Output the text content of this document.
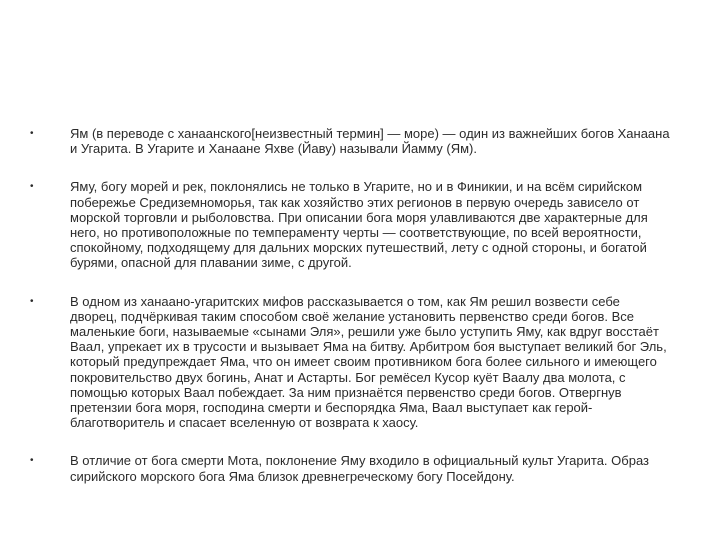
•	Ям (в переводе с ханаанского[неизвестный термин] — море) — один из важнейших богов Ханаана и Угарита. В Угарите и Ханаане Яхве (Йаву) называли Йамму (Ям).
•	Яму, богу морей и рек, поклонялись не только в Угарите, но и в Финикии, и на всём сирийском побережье Средиземноморья, так как хозяйство этих регионов в первую очередь зависело от морской торговли и рыболовства. При описании бога моря улавливаются две характерные для него, но противоположные по темпераменту черты — соответствующие, по всей вероятности, спокойному, подходящему для дальних морских путешествий, лету с одной стороны, и богатой бурями, опасной для плавании зиме, с другой.
•	В одном из ханаано-угаритских мифов рассказывается о том, как Ям решил возвести себе дворец, подчёркивая таким способом своё желание установить первенство среди богов. Все маленькие боги, называемые «сынами Эля», решили уже было уступить Яму, как вдруг восстаёт Ваал, упрекает их в трусости и вызывает Яма на битву. Арбитром боя выступает великий бог Эль, который предупреждает Яма, что он имеет своим противником бога более сильного и имеющего покровительство двух богинь, Анат и Астарты. Бог ремёсел Кусор куёт Ваалу два молота, с помощью которых Ваал побеждает. За ним признаётся первенство среди богов. Отвергнув претензии бога моря, господина смерти и беспорядка Яма, Ваал выступает как герой-благотворитель и спасает вселенную от возврата к хаосу.
•	В отличие от бога смерти Мота, поклонение Яму входило в официальный культ Угарита. Образ сирийского морского бога Яма близок древнегреческому богу Посейдону.
